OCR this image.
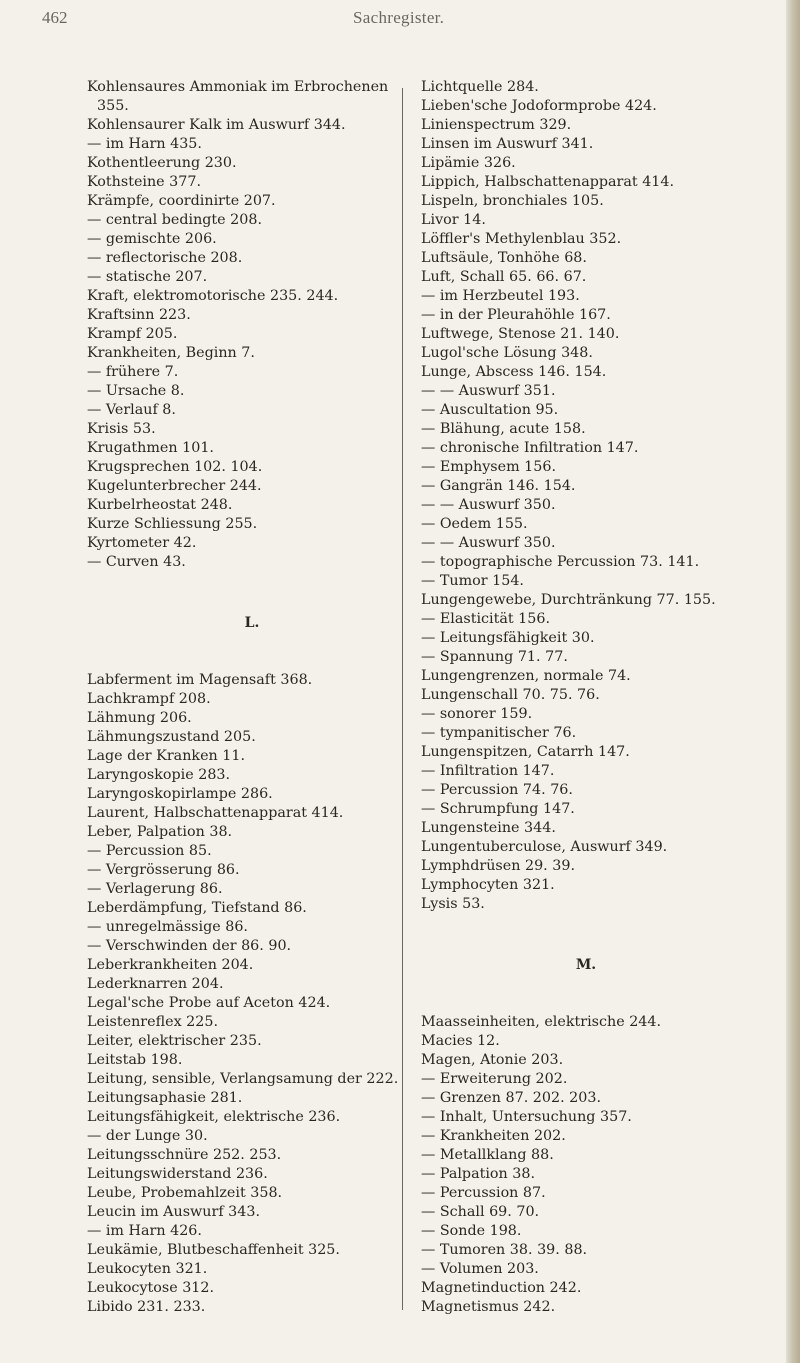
462	Sachregister.
Kohlensaures Ammoniak im Erbrochenen
355.
Kohlensaurer Kalk im Auswurf 344.
— im Harn 435.
Kothentleerung 230.
Kothsteine 377.
Krämpfe, coordinirte 207.
— central bedingte 208.
— gemischte 206.
— reflectorische 208.
— statische 207.
Kraft, elektromotorische 235. 244.
Kraftsinn 223.
Krampf 205.
Krankheiten, Beginn 7.
— frühere 7.
— Ursache 8.
— Verlauf 8.
Krisis 53.
Krugathmen 101.
Krugsprechen 102. 104.
Kugelunterbrecher 244.
Kurbelrheostat 248.
Kurze Schliessung 255.
Kyrtometer 42.
— Curven 43.
L.
Labferment im Magensaft 368.
Lachkrampf 208.
Lähmung 206.
Lähmungszustand 205.
Lage der Kranken 11.
Laryngoskopie 283.
Laryngoskopirlampe 286.
Laurent, Halbschattenapparat 414.
Leber, Palpation 38.
— Percussion 85.
— Vergrösserung 86.
— Verlagerung 86.
Leberdämpfung, Tiefstand 86.
— unregelmässige 86.
— Verschwinden der 86. 90.
Leberkrankheiten 204.
Lederknarren 204.
Legal'sche Probe auf Aceton 424.
Leistenreflex 225.
Leiter, elektrischer 235.
Leitstab 198.
Leitung, sensible, Verlangsamung der 222.
Leitungsaphasie 281.
Leitungsfähigkeit, elektrische 236.
— der Lunge 30.
Leitungsschnüre 252. 253.
Leitungswiderstand 236.
Leube, Probemahlzeit 358.
Leucin im Auswurf 343.
— im Harn 426.
Leukämie, Blutbeschaffenheit 325.
Leukocyten 321.
Leukocytose 312.
Libido 231. 233.
Lichtquelle 284.
Lieben'sche Jodoformprobe 424.
Linienspectrum 329.
Linsen im Auswurf 341.
Lipämie 326.
Lippich, Halbschattenapparat 414.
Lispeln, bronchiales 105.
Livor 14.
Löffler's Methylenblau 352.
Luftsäule, Tonhöhe 68.
Luft, Schall 65. 66. 67.
— im Herzbeutel 193.
— in der Pleurahöhle 167.
Luftwege, Stenose 21. 140.
Lugol'sche Lösung 348.
Lunge, Abscess 146. 154.
— — Auswurf 351.
— Auscultation 95.
— Blähung, acute 158.
— chronische Infiltration 147.
— Emphysem 156.
— Gangrän 146. 154.
— — Auswurf 350.
— Oedem 155.
— — Auswurf 350.
— topographische Percussion 73. 141.
— Tumor 154.
Lungengewebe, Durchtränkung 77. 155.
— Elasticität 156.
— Leitungsfähigkeit 30.
— Spannung 71. 77.
Lungengrenzen, normale 74.
Lungenschall 70. 75. 76.
— sonorer 159.
— tympanitischer 76.
Lungenspitzen, Catarrh 147.
— Infiltration 147.
— Percussion 74. 76.
— Schrumpfung 147.
Lungensteine 344.
Lungentuberculose, Auswurf 349.
Lymphdrüsen 29. 39.
Lymphocyten 321.
Lysis 53.
M.
Maasseinheiten, elektrische 244.
Macies 12.
Magen, Atonie 203.
— Erweiterung 202.
— Grenzen 87. 202. 203.
— Inhalt, Untersuchung 357.
— Krankheiten 202.
— Metallklang 88.
— Palpation 38.
— Percussion 87.
— Schall 69. 70.
— Sonde 198.
— Tumoren 38. 39. 88.
— Volumen 203.
Magnetinduction 242.
Magnetismus 242.
